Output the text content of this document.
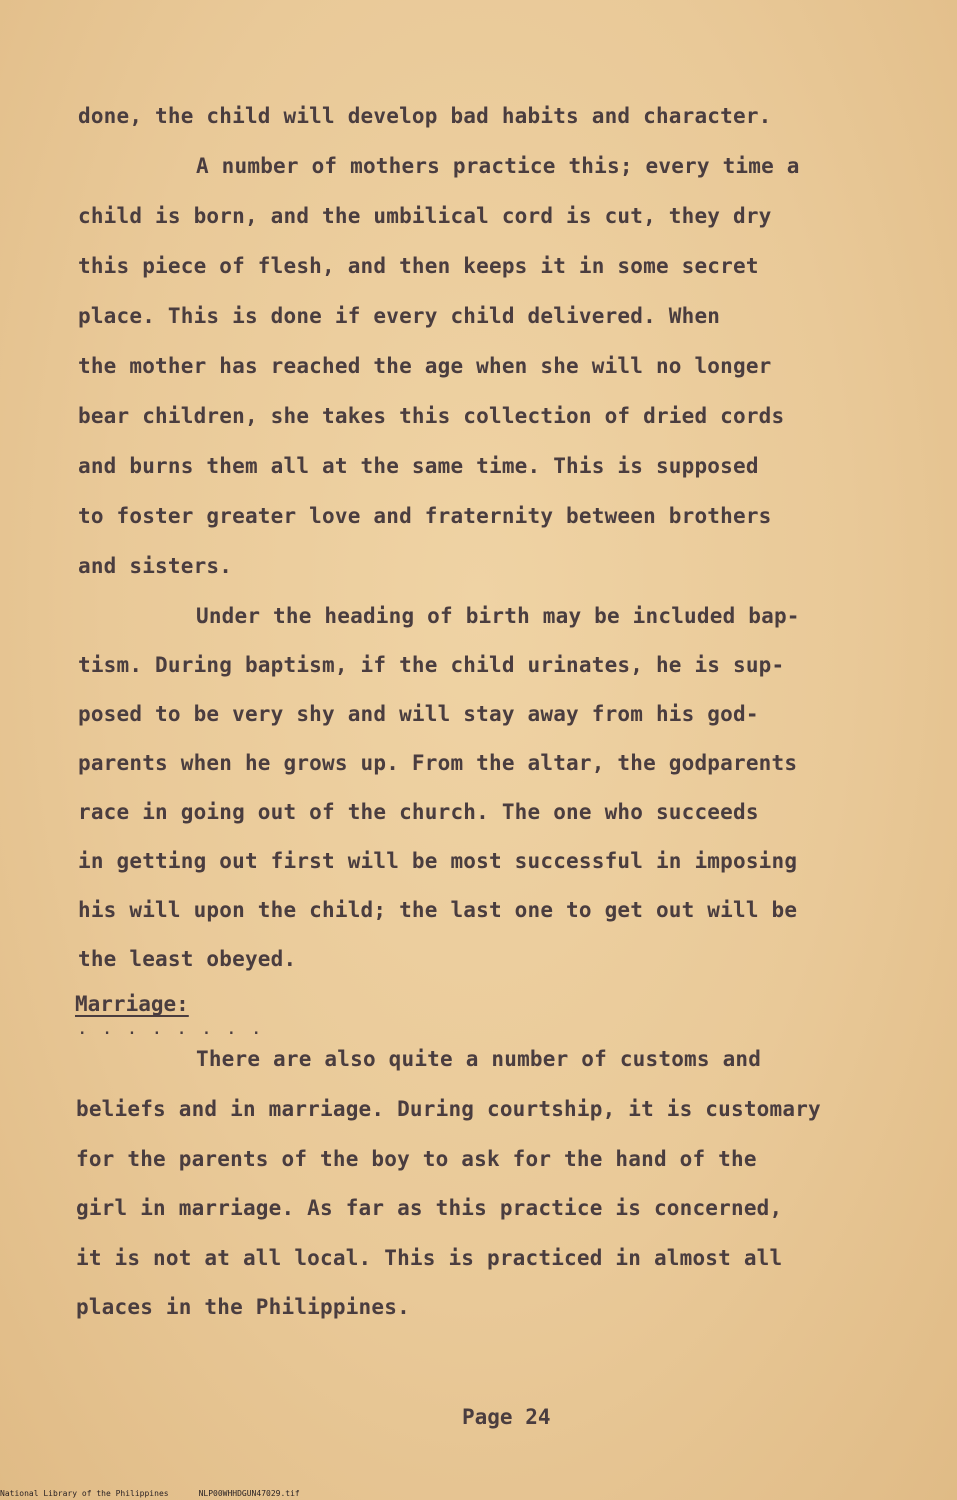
done, the child will develop bad habits and character.
A number of mothers practice this; every time a
child is born, and the umbilical cord is cut, they dry
this piece of flesh, and then keeps it in some secret
place. This is done if every child delivered. When
the mother has reached the age when she will no longer
bear children, she takes this collection of dried cords
and burns them all at the same time. This is supposed
to foster greater love and fraternity between brothers
and sisters.
Under the heading of birth may be included bap-
tism. During baptism, if the child urinates, he is sup-
posed to be very shy and will stay away from his god-
parents when he grows up. From the altar, the godparents
race in going out of the church. The one who succeeds
in getting out first will be most successful in imposing
his will upon the child; the last one to get out will be
the least obeyed.
Marriage:
. . . . . . . .
There are also quite a number of customs and
beliefs and in marriage. During courtship, it is customary
for the parents of the boy to ask for the hand of the
girl in marriage. As far as this practice is concerned,
it is not at all local. This is practiced in almost all
places in the Philippines.
Page 24
National Library of the Philippines	NLP00WHHDGUN47029.tif
